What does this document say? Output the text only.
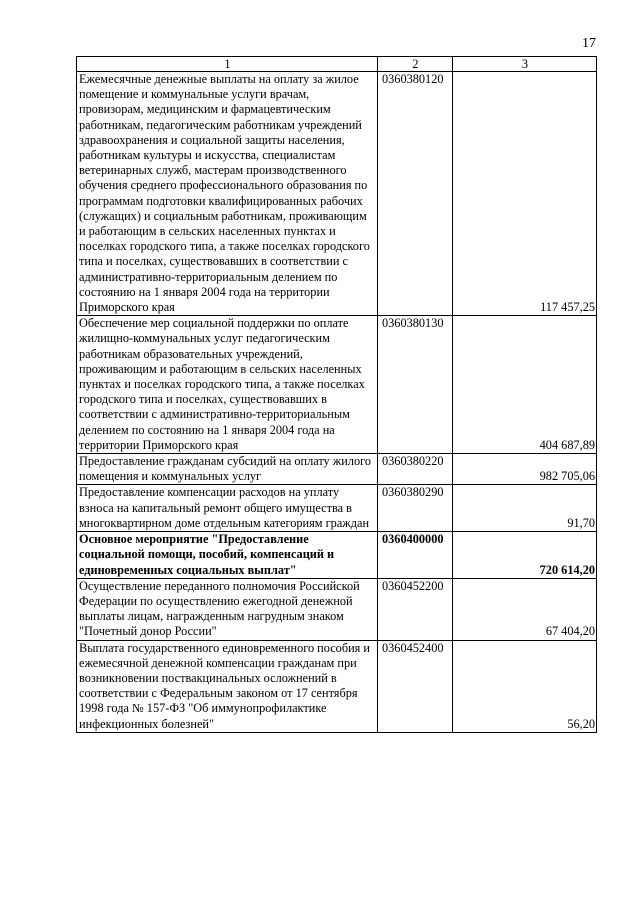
17
1	2	3
Ежемесячные денежные выплаты на оплату за жилое помещение и коммунальные услуги врачам, провизорам, медицинским и фармацевтическим работникам, педагогическим работникам учреждений здравоохранения и социальной защиты населения, работникам культуры и искусства, специалистам ветеринарных служб, мастерам производственного обучения среднего профессионального образования по программам подготовки квалифицированных рабочих (служащих) и социальным работникам, проживающим и работающим в сельских населенных пунктах и поселках городского типа, а также поселках городского типа и поселках, существовавших в соответствии с административно-территориальным делением по состоянию на 1 января 2004 года на территории Приморского края	0360380120	117 457,25
Обеспечение мер социальной поддержки по оплате жилищно-коммунальных услуг педагогическим работникам образовательных учреждений, проживающим и работающим в сельских населенных пунктах и поселках городского типа, а также поселках городского типа и поселках, существовавших в соответствии с административно-территориальным делением по состоянию на 1 января 2004 года на территории Приморского края	0360380130	404 687,89
Предоставление гражданам субсидий на оплату жилого помещения и коммунальных услуг	0360380220	982 705,06
Предоставление компенсации расходов на уплату взноса на капитальный ремонт общего имущества в многоквартирном доме отдельным категориям граждан	0360380290	91,70
Основное мероприятие "Предоставление социальной помощи, пособий, компенсаций и единовременных социальных выплат"	0360400000	720 614,20
Осуществление переданного полномочия Российской Федерации по осуществлению ежегодной денежной выплаты лицам, награжденным нагрудным знаком "Почетный донор России"	0360452200	67 404,20
Выплата государственного единовременного пособия и ежемесячной денежной компенсации гражданам при возникновении поствакцинальных осложнений в соответствии с Федеральным законом от 17 сентября 1998 года № 157-ФЗ "Об иммунопрофилактике инфекционных болезней"	0360452400	56,20
